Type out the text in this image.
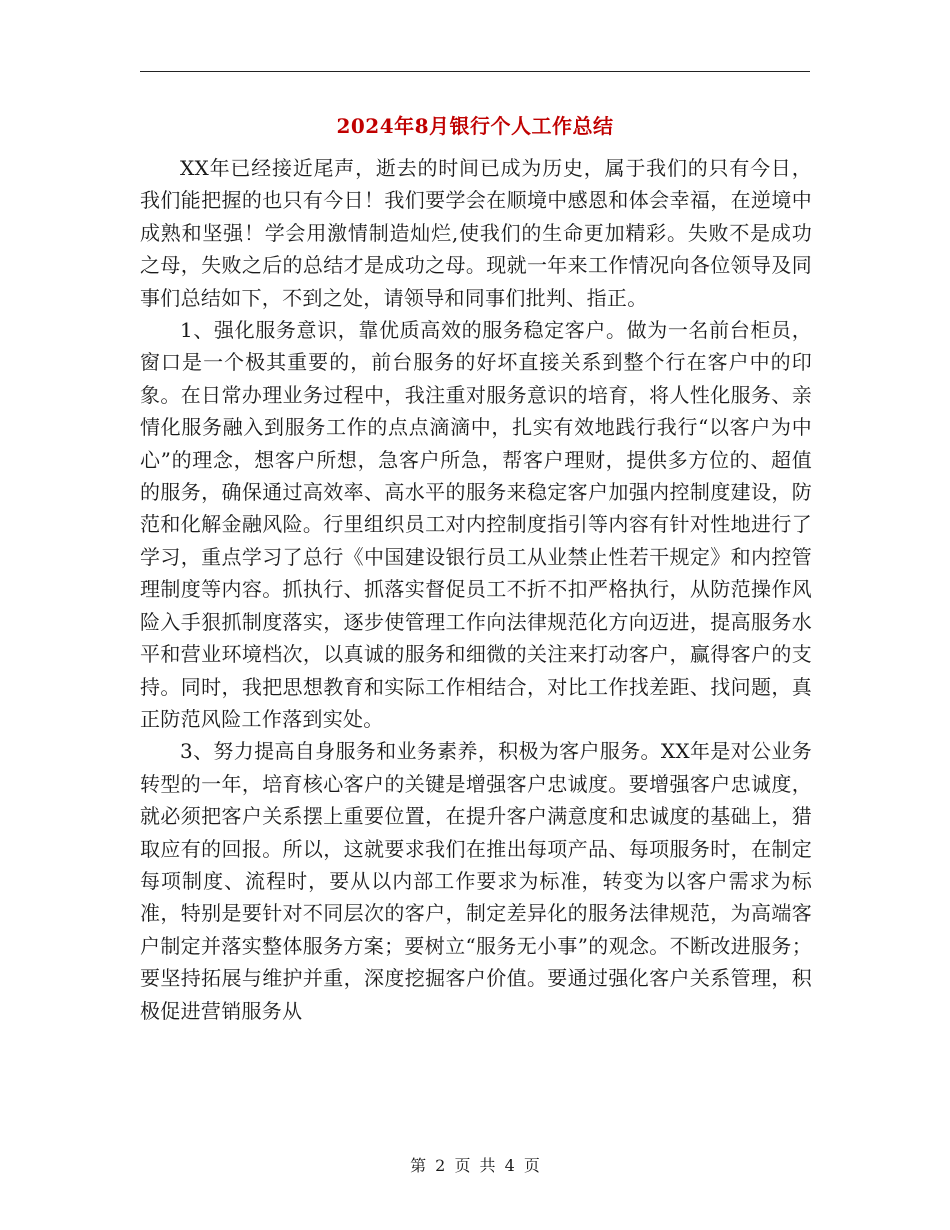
2024年8月银行个人工作总结

XX年已经接近尾声，逝去的时间已成为历史，属于我们的只有今日，我们能把握的也只有今日！我们要学会在顺境中感恩和体会幸福，在逆境中成熟和坚强！学会用激情制造灿烂,使我们的生命更加精彩。失败不是成功之母，失败之后的总结才是成功之母。现就一年来工作情况向各位领导及同事们总结如下，不到之处，请领导和同事们批判、指正。

1、强化服务意识，靠优质高效的服务稳定客户。做为一名前台柜员，窗口是一个极其重要的，前台服务的好坏直接关系到整个行在客户中的印象。在日常办理业务过程中，我注重对服务意识的培育，将人性化服务、亲情化服务融入到服务工作的点点滴滴中，扎实有效地践行我行“以客户为中心”的理念，想客户所想，急客户所急，帮客户理财，提供多方位的、超值的服务，确保通过高效率、高水平的服务来稳定客户加强内控制度建设，防范和化解金融风险。行里组织员工对内控制度指引等内容有针对性地进行了学习，重点学习了总行《中国建设银行员工从业禁止性若干规定》和内控管理制度等内容。抓执行、抓落实督促员工不折不扣严格执行，从防范操作风险入手狠抓制度落实，逐步使管理工作向法律规范化方向迈进，提高服务水平和营业环境档次，以真诚的服务和细微的关注来打动客户，赢得客户的支持。同时，我把思想教育和实际工作相结合，对比工作找差距、找问题，真正防范风险工作落到实处。

3、努力提高自身服务和业务素养，积极为客户服务。XX年是对公业务转型的一年，培育核心客户的关键是增强客户忠诚度。要增强客户忠诚度，就必须把客户关系摆上重要位置，在提升客户满意度和忠诚度的基础上，猎取应有的回报。所以，这就要求我们在推出每项产品、每项服务时，在制定每项制度、流程时，要从以内部工作要求为标准，转变为以客户需求为标准，特别是要针对不同层次的客户，制定差异化的服务法律规范，为高端客户制定并落实整体服务方案；要树立“服务无小事”的观念。不断改进服务；要坚持拓展与维护并重，深度挖掘客户价值。要通过强化客户关系管理，积极促进营销服务从

第 2 页 共 4 页
